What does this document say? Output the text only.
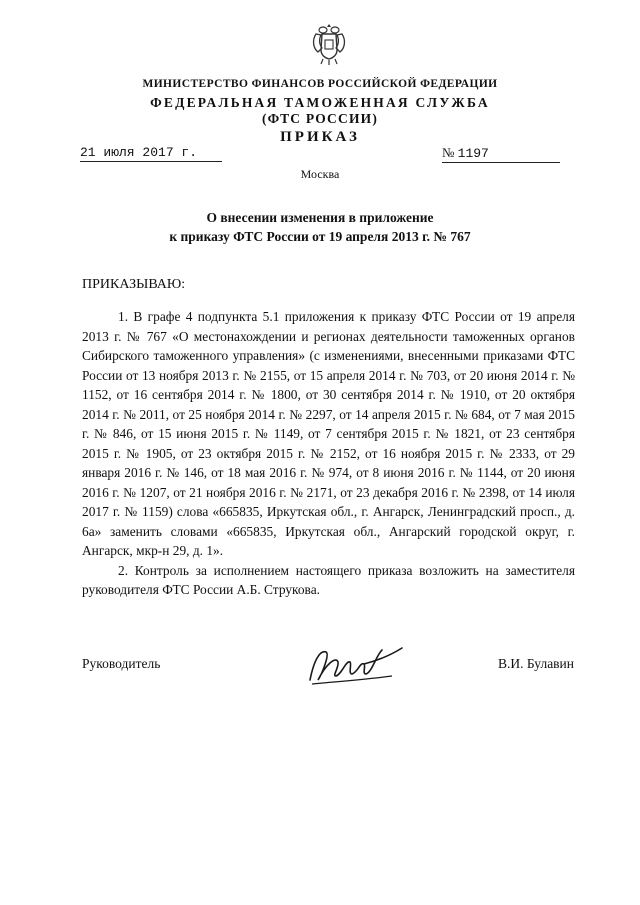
МИНИСТЕРСТВО ФИНАНСОВ РОССИЙСКОЙ ФЕДЕРАЦИИ
ФЕДЕРАЛЬНАЯ ТАМОЖЕННАЯ СЛУЖБА
(ФТС РОССИИ)
ПРИКАЗ
21 июля 2017 г.	№ 1197
Москва
О внесении изменения в приложение
к приказу ФТС России от 19 апреля 2013 г. № 767
ПРИКАЗЫВАЮ:

1. В графе 4 подпункта 5.1 приложения к приказу ФТС России от 19 апреля 2013 г. № 767 «О местонахождении и регионах деятельности таможенных органов Сибирского таможенного управления» (с изменениями, внесенными приказами ФТС России от 13 ноября 2013 г. № 2155, от 15 апреля 2014 г. № 703, от 20 июня 2014 г. № 1152, от 16 сентября 2014 г. № 1800, от 30 сентября 2014 г. № 1910, от 20 октября 2014 г. № 2011, от 25 ноября 2014 г. № 2297, от 14 апреля 2015 г. № 684, от 7 мая 2015 г. № 846, от 15 июня 2015 г. № 1149, от 7 сентября 2015 г. № 1821, от 23 сентября 2015 г. № 1905, от 23 октября 2015 г. № 2152, от 16 ноября 2015 г. № 2333, от 29 января 2016 г. № 146, от 18 мая 2016 г. № 974, от 8 июня 2016 г. № 1144, от 20 июня 2016 г. № 1207, от 21 ноября 2016 г. № 2171, от 23 декабря 2016 г. № 2398, от 14 июля 2017 г. № 1159) слова «665835, Иркутская обл., г. Ангарск, Ленинградский просп., д. 6а» заменить словами «665835, Иркутская обл., Ангарский городской округ, г. Ангарск, мкр-н 29, д. 1».

2. Контроль за исполнением настоящего приказа возложить на заместителя руководителя ФТС России А.Б. Струкова.

Руководитель	В.И. Булавин
